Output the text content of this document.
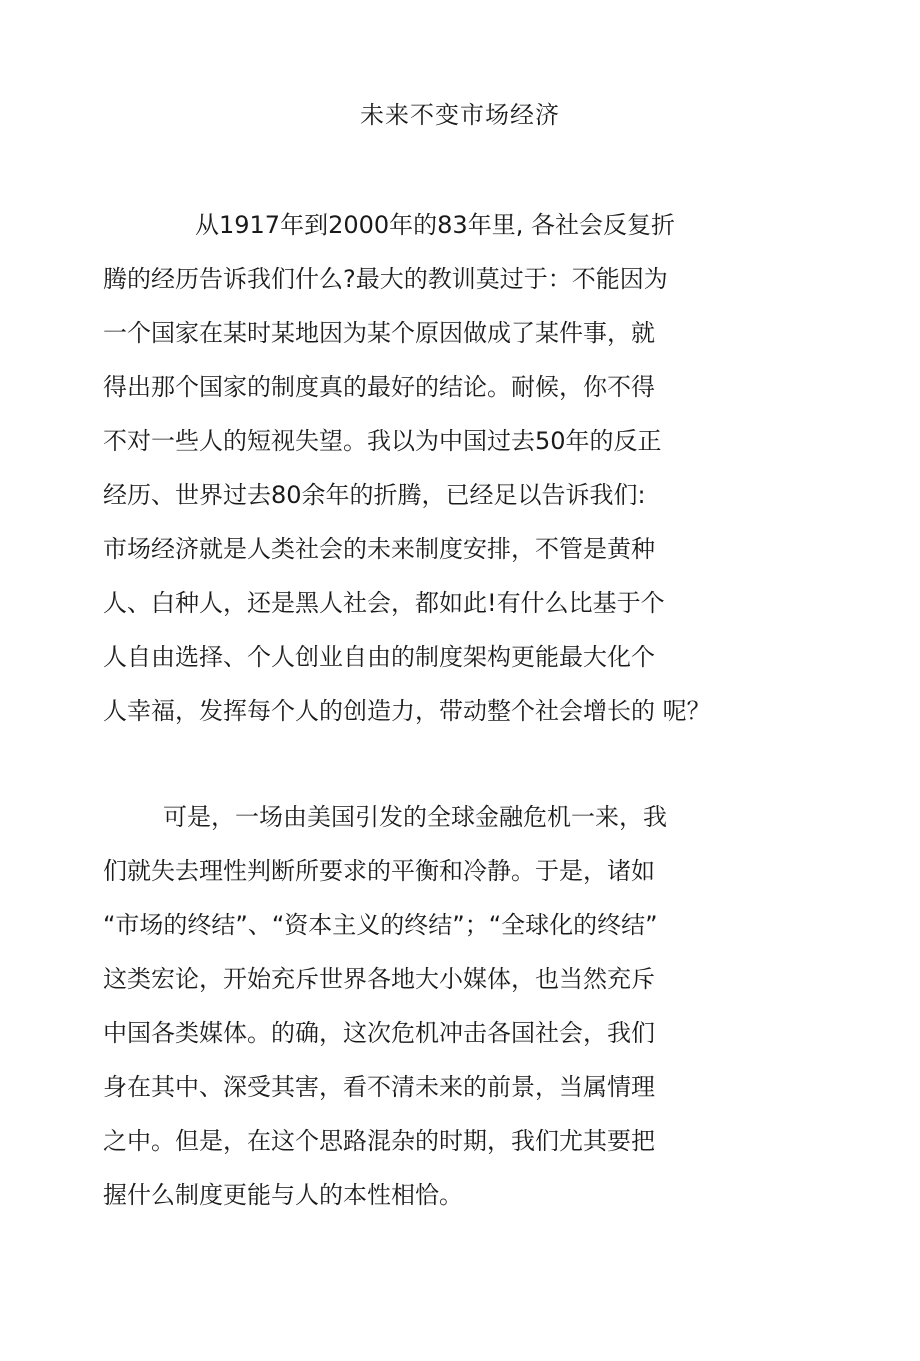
未来不变市场经济
从1917年到2000年的83年里, 各社会反复折
腾的经历告诉我们什么?最大的教训莫过于：不能因为
一个国家在某时某地因为某个原因做成了某件事，就
得出那个国家的制度真的最好的结论。耐候，你不得
不对一些人的短视失望。我以为中国过去50年的反正
经历、世界过去80余年的折腾，已经足以告诉我们:
市场经济就是人类社会的未来制度安排，不管是黄种
人、白种人，还是黑人社会，都如此!有什么比基于个
人自由选择、个人创业自由的制度架构更能最大化个
人幸福，发挥每个人的创造力，带动整个社会增长的 呢？
可是，一场由美国引发的全球金融危机一来，我
们就失去理性判断所要求的平衡和冷静。于是，诸如
“市场的终结”、“资本主义的终结”；“全球化的终结”
这类宏论，开始充斥世界各地大小媒体，也当然充斥
中国各类媒体。的确，这次危机冲击各国社会，我们
身在其中、深受其害，看不清未来的前景，当属情理
之中。但是，在这个思路混杂的时期，我们尤其要把
握什么制度更能与人的本性相恰。
